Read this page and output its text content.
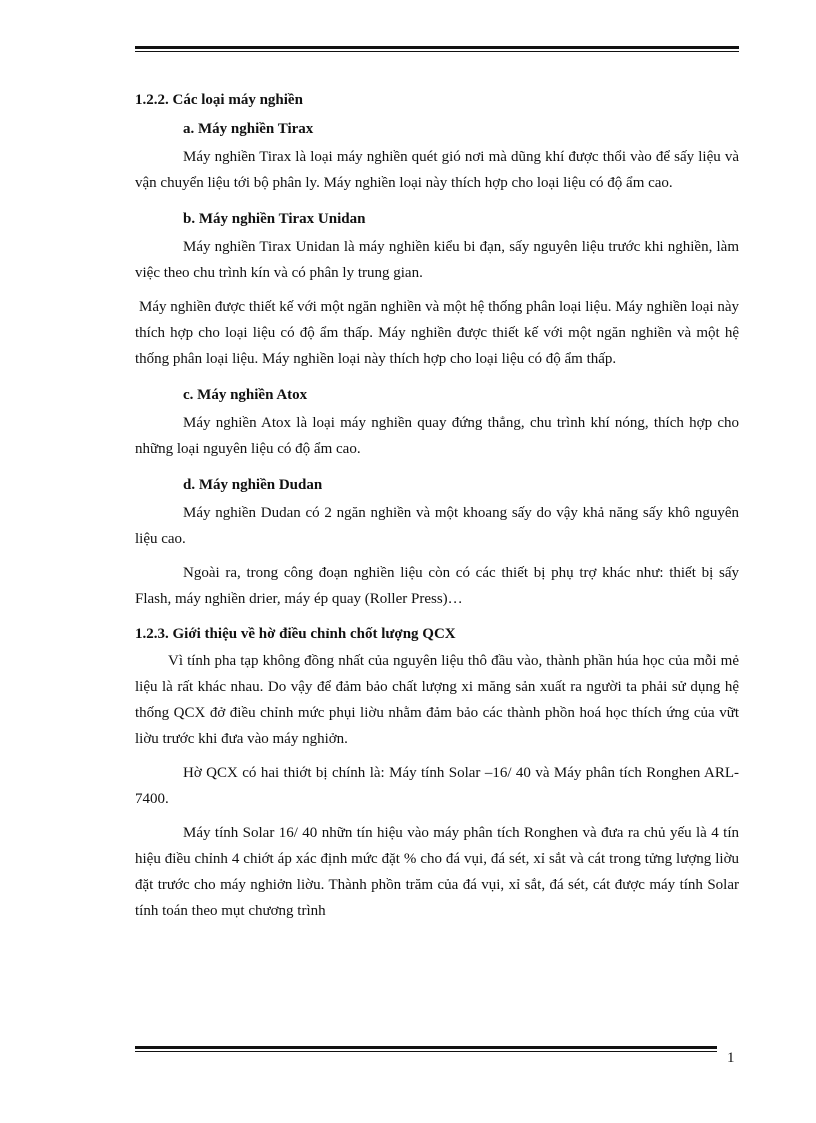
1.2.2. Các loại máy nghiền
a. Máy nghiền Tirax

Máy nghiền Tirax là loại máy nghiền quét gió nơi mà dũng khí được thổi vào để sấy liệu và vận chuyển liệu tới bộ phân ly. Máy nghiền loại này thích hợp cho loại liệu có độ ẩm cao.

b. Máy nghiền Tirax Unidan

Máy nghiền Tirax Unidan là máy nghiền kiểu bi đạn, sấy nguyên liệu trước khi nghiền, làm việc theo chu trình kín và có phân ly trung gian.

Máy nghiền được thiết kế với một ngăn nghiền và một hệ thống phân loại liệu. Máy nghiền loại này thích hợp cho loại liệu có độ ẩm thấp. Máy nghiền được thiết kế với một ngăn nghiền và một hệ thống phân loại liệu. Máy nghiền loại này thích hợp cho loại liệu có độ ẩm thấp.

c. Máy nghiền Atox

Máy nghiền Atox là loại máy nghiền quay đứng thẳng, chu trình khí nóng, thích hợp cho những loại nguyên liệu có độ ẩm cao.

d. Máy nghiền Dudan

Máy nghiền Dudan có 2 ngăn nghiền và một khoang sấy do vậy khả năng sấy khô nguyên liệu cao.

Ngoài ra, trong công đoạn nghiền liệu còn có các thiết bị phụ trợ khác như: thiết bị sấy Flash, máy nghiền drier, máy ép quay (Roller Press)…

1.2.3. Giới thiệu về hờ điều chỉnh chốt lượng QCX

Vì tính pha tạp không đồng nhất của nguyên liệu thô đầu vào, thành phần húa học của mỗi mẻ liệu là rất khác nhau. Do vậy để đảm bảo chất lượng xi măng sản xuất ra người ta phải sử dụng hệ thống QCX đở điều chỉnh mức phụi liờu nhằm đảm bảo các thành phồn hoá học thích ứng của vữt liờu trước khi đưa vào máy nghiởn.

Hờ QCX có hai thiớt bị chính là: Máy tính Solar –16/ 40 và Máy phân tích Ronghen ARL-7400.

Máy tính Solar 16/ 40 nhữn tín hiệu vào máy phân tích Ronghen và đưa ra chủ yếu là 4 tín hiệu điều chỉnh 4 chiớt áp xác định mức đặt % cho đá vụi, đá sét, xỉ sắt và cát trong tửng lượng liờu đặt trước cho máy nghiởn liờu. Thành phồn trăm của đá vụi, xỉ sắt, đá sét, cát được máy tính Solar tính toán theo mụt chương trình

1
